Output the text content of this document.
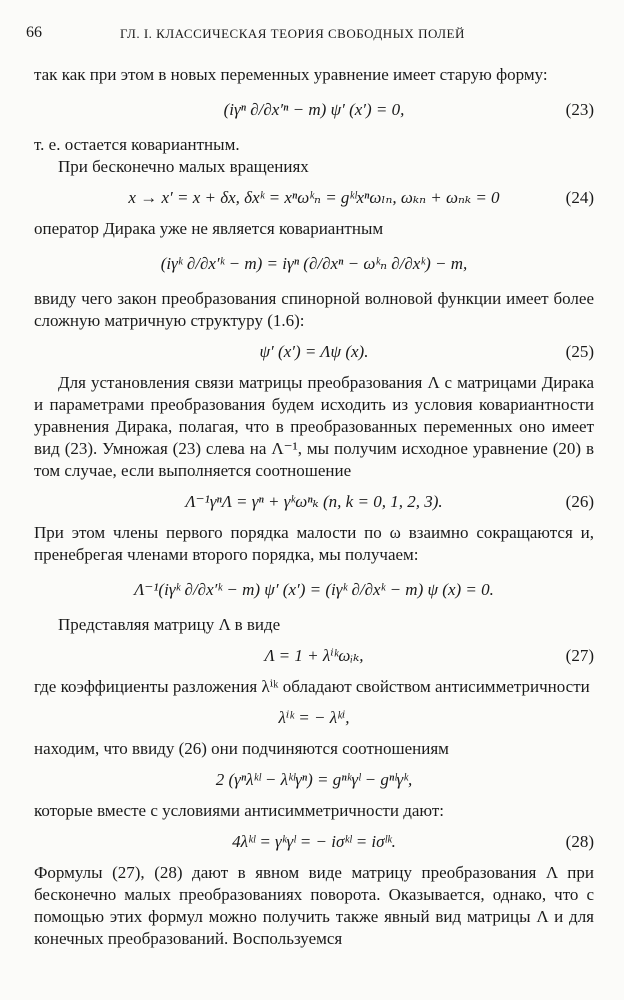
66	ГЛ. I. КЛАССИЧЕСКАЯ ТЕОРИЯ СВОБОДНЫХ ПОЛЕЙ

так как при этом в новых переменных уравнение имеет старую форму:

(iγⁿ ∂/∂x′ⁿ − m) ψ′ (x′) = 0,	(23)

т. е. остается ковариантным.

При бесконечно малых вращениях

x → x′ = x + δx, δxᵏ = xⁿωᵏₙ = gᵏˡxⁿωₗₙ, ωₖₙ + ωₙₖ = 0	(24)

оператор Дирака уже не является ковариантным

(iγᵏ ∂/∂x′ᵏ − m) = iγⁿ (∂/∂xⁿ − ωᵏₙ ∂/∂xᵏ) − m,

ввиду чего закон преобразования спинорной волновой функции имеет более сложную матричную структуру (1.6):

ψ′ (x′) = Λψ (x).	(25)

Для установления связи матрицы преобразования Λ с матрицами Дирака и параметрами преобразования будем исходить из условия ковариантности уравнения Дирака, полагая, что в преобразованных переменных оно имеет вид (23). Умножая (23) слева на Λ⁻¹, мы получим исходное уравнение (20) в том случае, если выполняется соотношение

Λ⁻¹γⁿΛ = γⁿ + γᵏωⁿₖ (n, k = 0, 1, 2, 3).	(26)

При этом члены первого порядка малости по ω взаимно сокращаются и, пренебрегая членами второго порядка, мы получаем:

Λ⁻¹(iγᵏ ∂/∂x′ᵏ − m) ψ′ (x′) = (iγᵏ ∂/∂xᵏ − m) ψ (x) = 0.

Представляя матрицу Λ в виде

Λ = 1 + λⁱᵏωᵢₖ,	(27)

где коэффициенты разложения λⁱᵏ обладают свойством антисимметричности

λⁱᵏ = − λᵏⁱ,

находим, что ввиду (26) они подчиняются соотношениям

2 (γⁿλᵏˡ − λᵏˡγⁿ) = gⁿᵏγˡ − gⁿˡγᵏ,

которые вместе с условиями антисимметричности дают:

4λᵏˡ = γᵏγˡ = − iσᵏˡ = iσˡᵏ.	(28)

Формулы (27), (28) дают в явном виде матрицу преобразования Λ при бесконечно малых преобразованиях поворота. Оказывается, однако, что с помощью этих формул можно получить также явный вид матрицы Λ и для конечных преобразований. Воспользуемся
